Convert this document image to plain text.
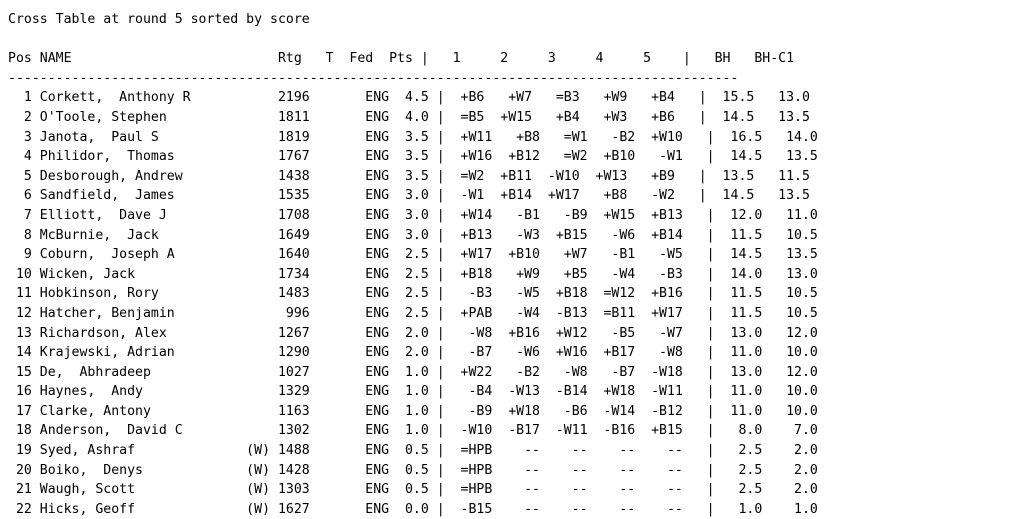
Cross Table at round 5 sorted by score
Pos NAME                          Rtg   T  Fed  Pts |   1     2     3     4     5    |   BH   BH-C1
--------------------------------------------------------------------------------------------
1 Corkett,  Anthony R           2196       ENG  4.5 |  +B6   +W7   =B3   +W9   +B4   |  15.5   13.0
2 O'Toole, Stephen              1811       ENG  4.0 |  =B5  +W15   +B4   +W3   +B6   |  14.5   13.5
3 Janota,  Paul S               1819       ENG  3.5 |  +W11   +B8   =W1   -B2  +W10   |  16.5   14.0
4 Philidor,  Thomas             1767       ENG  3.5 |  +W16  +B12   =W2  +B10   -W1   |  14.5   13.5
5 Desborough, Andrew            1438       ENG  3.5 |  =W2  +B11  -W10  +W13   +B9   |  13.5   11.5
6 Sandfield,  James             1535       ENG  3.0 |  -W1  +B14  +W17   +B8   -W2   |  14.5   13.5
7 Elliott,  Dave J              1708       ENG  3.0 |  +W14   -B1   -B9  +W15  +B13   |  12.0   11.0
8 McBurnie,  Jack               1649       ENG  3.0 |  +B13   -W3  +B15   -W6  +B14   |  11.5   10.5
9 Coburn,  Joseph A             1640       ENG  2.5 |  +W17  +B10   +W7   -B1   -W5   |  14.5   13.5
10 Wicken, Jack                  1734       ENG  2.5 |  +B18   +W9   +B5   -W4   -B3   |  14.0   13.0
11 Hobkinson, Rory               1483       ENG  2.5 |   -B3   -W5  +B18  =W12  +B16   |  11.5   10.5
12 Hatcher, Benjamin              996       ENG  2.5 |  +PAB   -W4  -B13  =B11  +W17   |  11.5   10.5
13 Richardson, Alex              1267       ENG  2.0 |   -W8  +B16  +W12   -B5   -W7   |  13.0   12.0
14 Krajewski, Adrian             1290       ENG  2.0 |   -B7   -W6  +W16  +B17   -W8   |  11.0   10.0
15 De,  Abhradeep                1027       ENG  1.0 |  +W22   -B2   -W8   -B7  -W18   |  13.0   12.0
16 Haynes,  Andy                 1329       ENG  1.0 |   -B4  -W13  -B14  +W18  -W11   |  11.0   10.0
17 Clarke, Antony                1163       ENG  1.0 |   -B9  +W18   -B6  -W14  -B12   |  11.0   10.0
18 Anderson,  David C            1302       ENG  1.0 |  -W10  -B17  -W11  -B16  +B15   |   8.0    7.0
19 Syed, Ashraf              (W) 1488       ENG  0.5 |  =HPB    --    --    --    --   |   2.5    2.0
20 Boiko,  Denys             (W) 1428       ENG  0.5 |  =HPB    --    --    --    --   |   2.5    2.0
21 Waugh, Scott              (W) 1303       ENG  0.5 |  =HPB    --    --    --    --   |   2.5    2.0
22 Hicks, Geoff              (W) 1627       ENG  0.0 |  -B15    --    --    --    --   |   1.0    1.0
